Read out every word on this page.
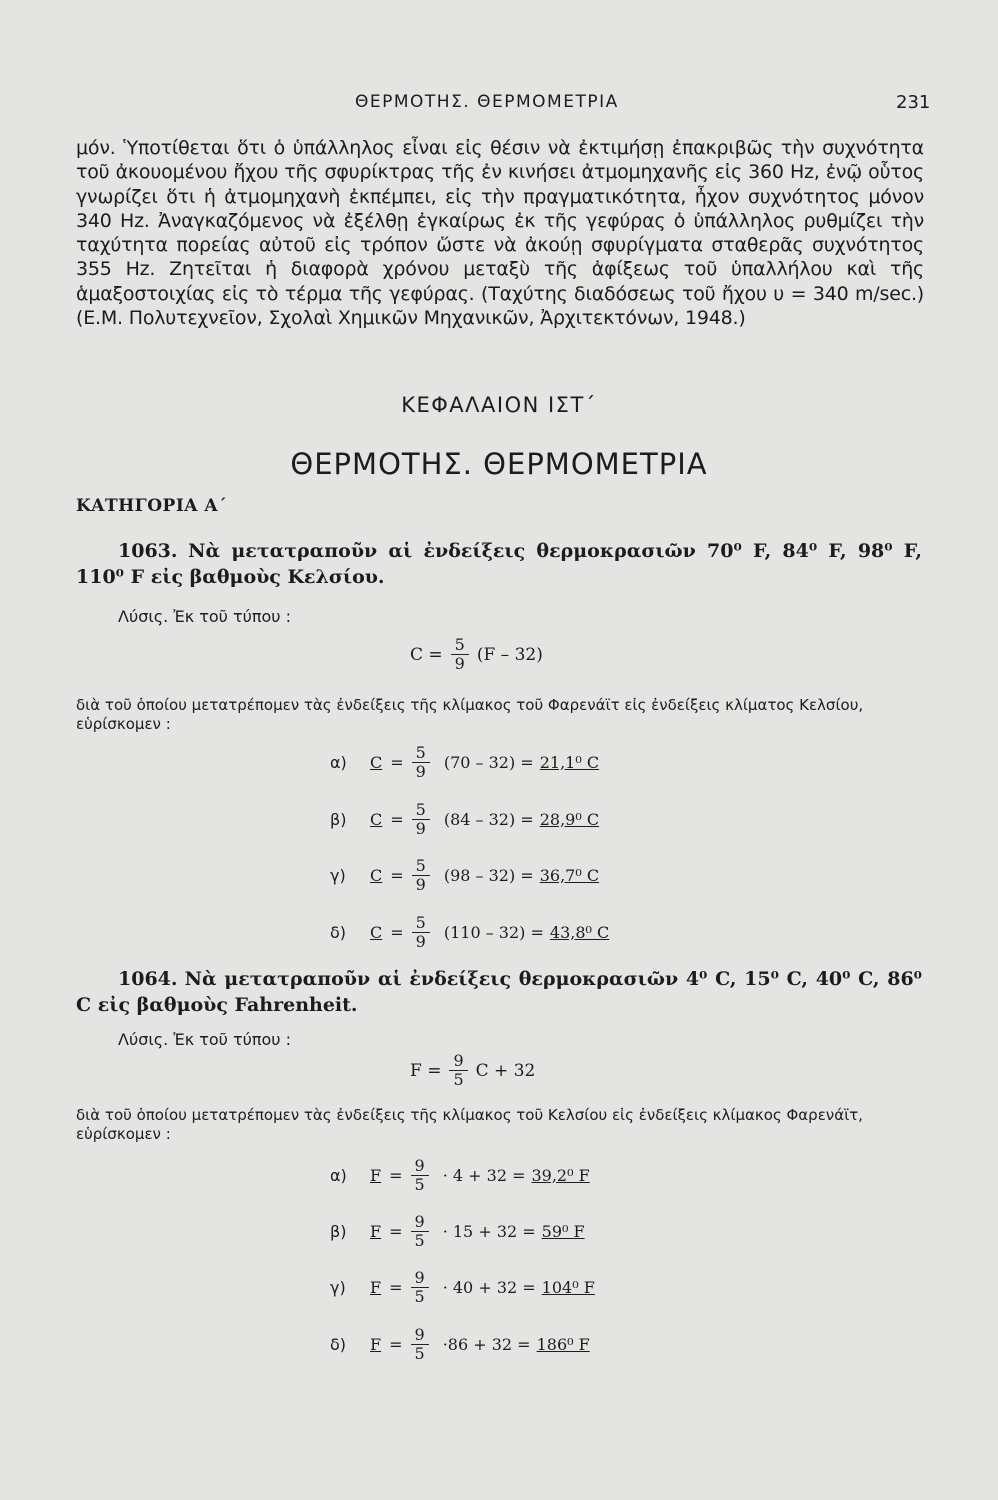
ΘΕΡΜΟΤΗΣ. ΘΕΡΜΟΜΕΤΡΙΑ	231

μόν. Ὑποτίθεται ὅτι ὁ ὑπάλληλος εἶναι εἰς θέσιν νὰ ἐκτιμήσῃ ἐπακριβῶς τὴν συχνότητα τοῦ ἀκουομένου ἤχου τῆς σφυρίκτρας τῆς ἐν κινήσει ἀτμομηχανῆς εἰς 360 Hz, ἐνῷ οὗτος γνωρίζει ὅτι ἡ ἀτμομηχανὴ ἐκπέμπει, εἰς τὴν πραγματικότητα, ἦχον συχνότητος μόνον 340 Hz. Ἀναγκαζόμενος νὰ ἐξέλθῃ ἐγκαίρως ἐκ τῆς γεφύρας ὁ ὑπάλληλος ρυθμίζει τὴν ταχύτητα πορείας αὐτοῦ εἰς τρόπον ὥστε νὰ ἀκούῃ σφυρίγματα σταθερᾶς συχνότητος 355 Hz. Ζητεῖται ἡ διαφορὰ χρόνου μεταξὺ τῆς ἀφίξεως τοῦ ὑπαλλήλου καὶ τῆς ἁμαξοστοιχίας εἰς τὸ τέρμα τῆς γεφύρας. (Ταχύτης διαδόσεως τοῦ ἤχου υ = 340 m/sec.) (Ε.Μ. Πολυτεχνεῖον, Σχολαὶ Χημικῶν Μηχανικῶν, Ἀρχιτεκτόνων, 1948.)

ΚΕΦΑΛΑΙΟΝ ΙΣΤ΄
ΘΕΡΜΟΤΗΣ. ΘΕΡΜΟΜΕΤΡΙΑ
ΚΑΤΗΓΟΡΙΑ Α΄
1063. Νὰ μετατραποῦν αἱ ἐνδείξεις θερμοκρασιῶν 70⁰ F, 84⁰ F, 98⁰ F, 110⁰ F εἰς βαθμοὺς Κελσίου.
Λύσις. Ἐκ τοῦ τύπου :
$C = \frac{5}{9} (F - 32)$

διὰ τοῦ ὁποίου μετατρέπομεν τὰς ἐνδείξεις τῆς κλίμακος τοῦ Φαρενάϊτ εἰς ἐνδείξεις κλίματος Κελσίου, εὑρίσκομεν :

α)	$C = \frac{5}{9} (70 - 32) = 21,1^0$ C
β)	$C = \frac{5}{9} (84 - 32) = 28,9^0$ C
γ)	$C = \frac{5}{9} (98 - 32) = 36,7^0$ C
δ)	$C = \frac{5}{9} (110 - 32) = 43,8^0$ C
1064. Νὰ μετατραποῦν αἱ ἐνδείξεις θερμοκρασιῶν 4⁰ C, 15⁰ C, 40⁰ C, 86⁰ C εἰς βαθμοὺς Fahrenheit.
Λύσις. Ἐκ τοῦ τύπου :
$F = \frac{9}{5}$ C + 32

διὰ τοῦ ὁποίου μετατρέπομεν τὰς ἐνδείξεις τῆς κλίμακος τοῦ Κελσίου εἰς ἐνδείξεις κλίμακος Φαρενάϊτ, εὑρίσκομεν :

α)	$F = \frac{9}{5} \cdot 4 + 32 = 39,2^0$ F
β)	$F = \frac{9}{5} \cdot 15 + 32 = 59^0$ F
γ)	$F = \frac{9}{5} \cdot 40 + 32 = 104^0$ F
δ)	$F = \frac{9}{5} \cdot 86 + 32 = 186^0$ F
